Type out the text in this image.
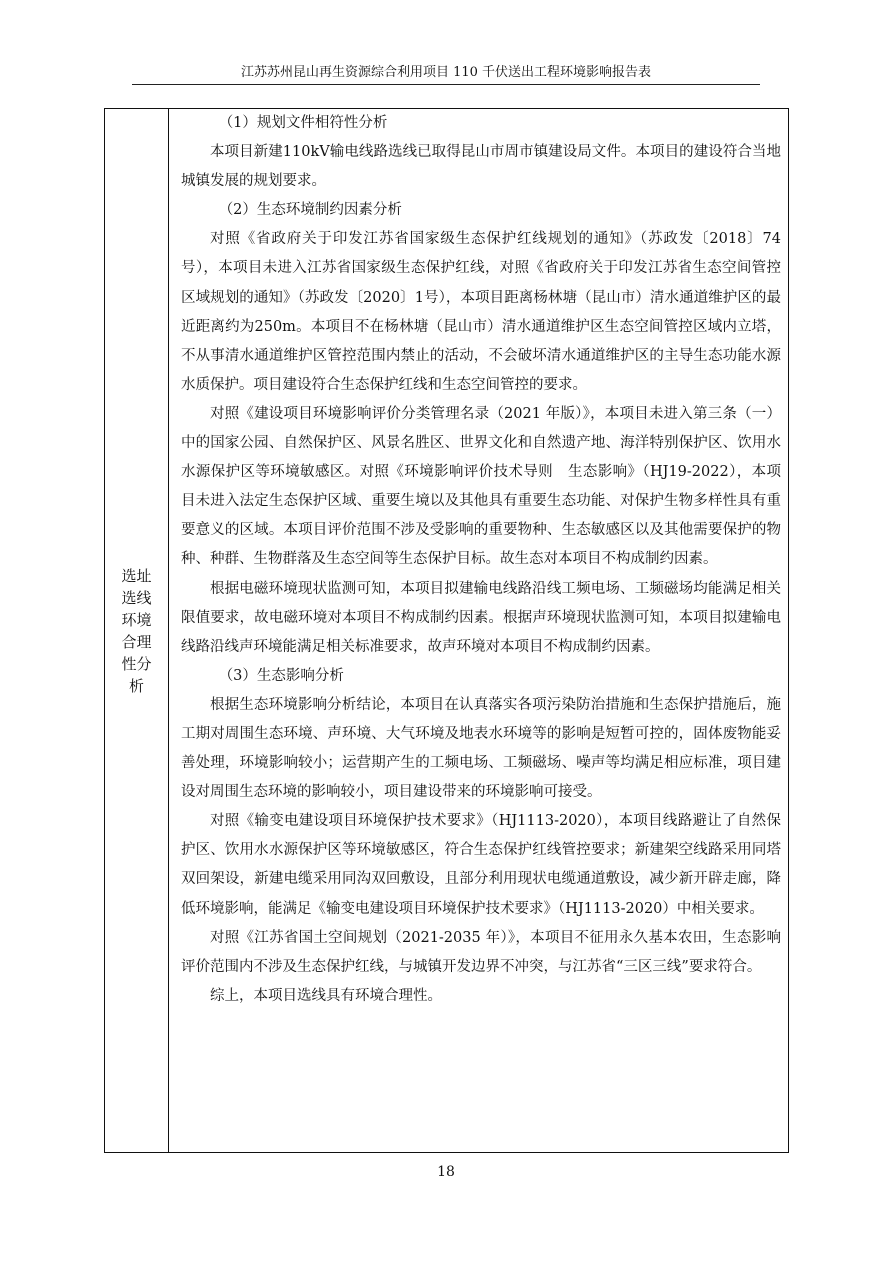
江苏苏州昆山再生资源综合利用项目 110 千伏送出工程环境影响报告表
选址选线环境合理性分析

（1）规划文件相符性分析

本项目新建110kV输电线路选线已取得昆山市周市镇建设局文件。本项目的建设符合当地城镇发展的规划要求。

（2）生态环境制约因素分析

对照《省政府关于印发江苏省国家级生态保护红线规划的通知》（苏政发〔2018〕74号），本项目未进入江苏省国家级生态保护红线，对照《省政府关于印发江苏省生态空间管控区域规划的通知》（苏政发〔2020〕1号），本项目距离杨林塘（昆山市）清水通道维护区的最近距离约为250m。本项目不在杨林塘（昆山市）清水通道维护区生态空间管控区域内立塔，不从事清水通道维护区管控范围内禁止的活动，不会破坏清水通道维护区的主导生态功能水源水质保护。项目建设符合生态保护红线和生态空间管控的要求。

对照《建设项目环境影响评价分类管理名录（2021 年版）》，本项目未进入第三条（一）中的国家公园、自然保护区、风景名胜区、世界文化和自然遗产地、海洋特别保护区、饮用水水源保护区等环境敏感区。对照《环境影响评价技术导则　生态影响》（HJ19-2022），本项目未进入法定生态保护区域、重要生境以及其他具有重要生态功能、对保护生物多样性具有重要意义的区域。本项目评价范围不涉及受影响的重要物种、生态敏感区以及其他需要保护的物种、种群、生物群落及生态空间等生态保护目标。故生态对本项目不构成制约因素。

根据电磁环境现状监测可知，本项目拟建输电线路沿线工频电场、工频磁场均能满足相关限值要求，故电磁环境对本项目不构成制约因素。根据声环境现状监测可知，本项目拟建输电线路沿线声环境能满足相关标准要求，故声环境对本项目不构成制约因素。

（3）生态影响分析

根据生态环境影响分析结论，本项目在认真落实各项污染防治措施和生态保护措施后，施工期对周围生态环境、声环境、大气环境及地表水环境等的影响是短暂可控的，固体废物能妥善处理，环境影响较小；运营期产生的工频电场、工频磁场、噪声等均满足相应标准，项目建设对周围生态环境的影响较小，项目建设带来的环境影响可接受。

对照《输变电建设项目环境保护技术要求》（HJ1113-2020），本项目线路避让了自然保护区、饮用水水源保护区等环境敏感区，符合生态保护红线管控要求；新建架空线路采用同塔双回架设，新建电缆采用同沟双回敷设，且部分利用现状电缆通道敷设，减少新开辟走廊，降低环境影响，能满足《输变电建设项目环境保护技术要求》（HJ1113-2020）中相关要求。

对照《江苏省国土空间规划（2021-2035 年）》，本项目不征用永久基本农田，生态影响评价范围内不涉及生态保护红线，与城镇开发边界不冲突，与江苏省“三区三线”要求符合。

综上，本项目选线具有环境合理性。

18
